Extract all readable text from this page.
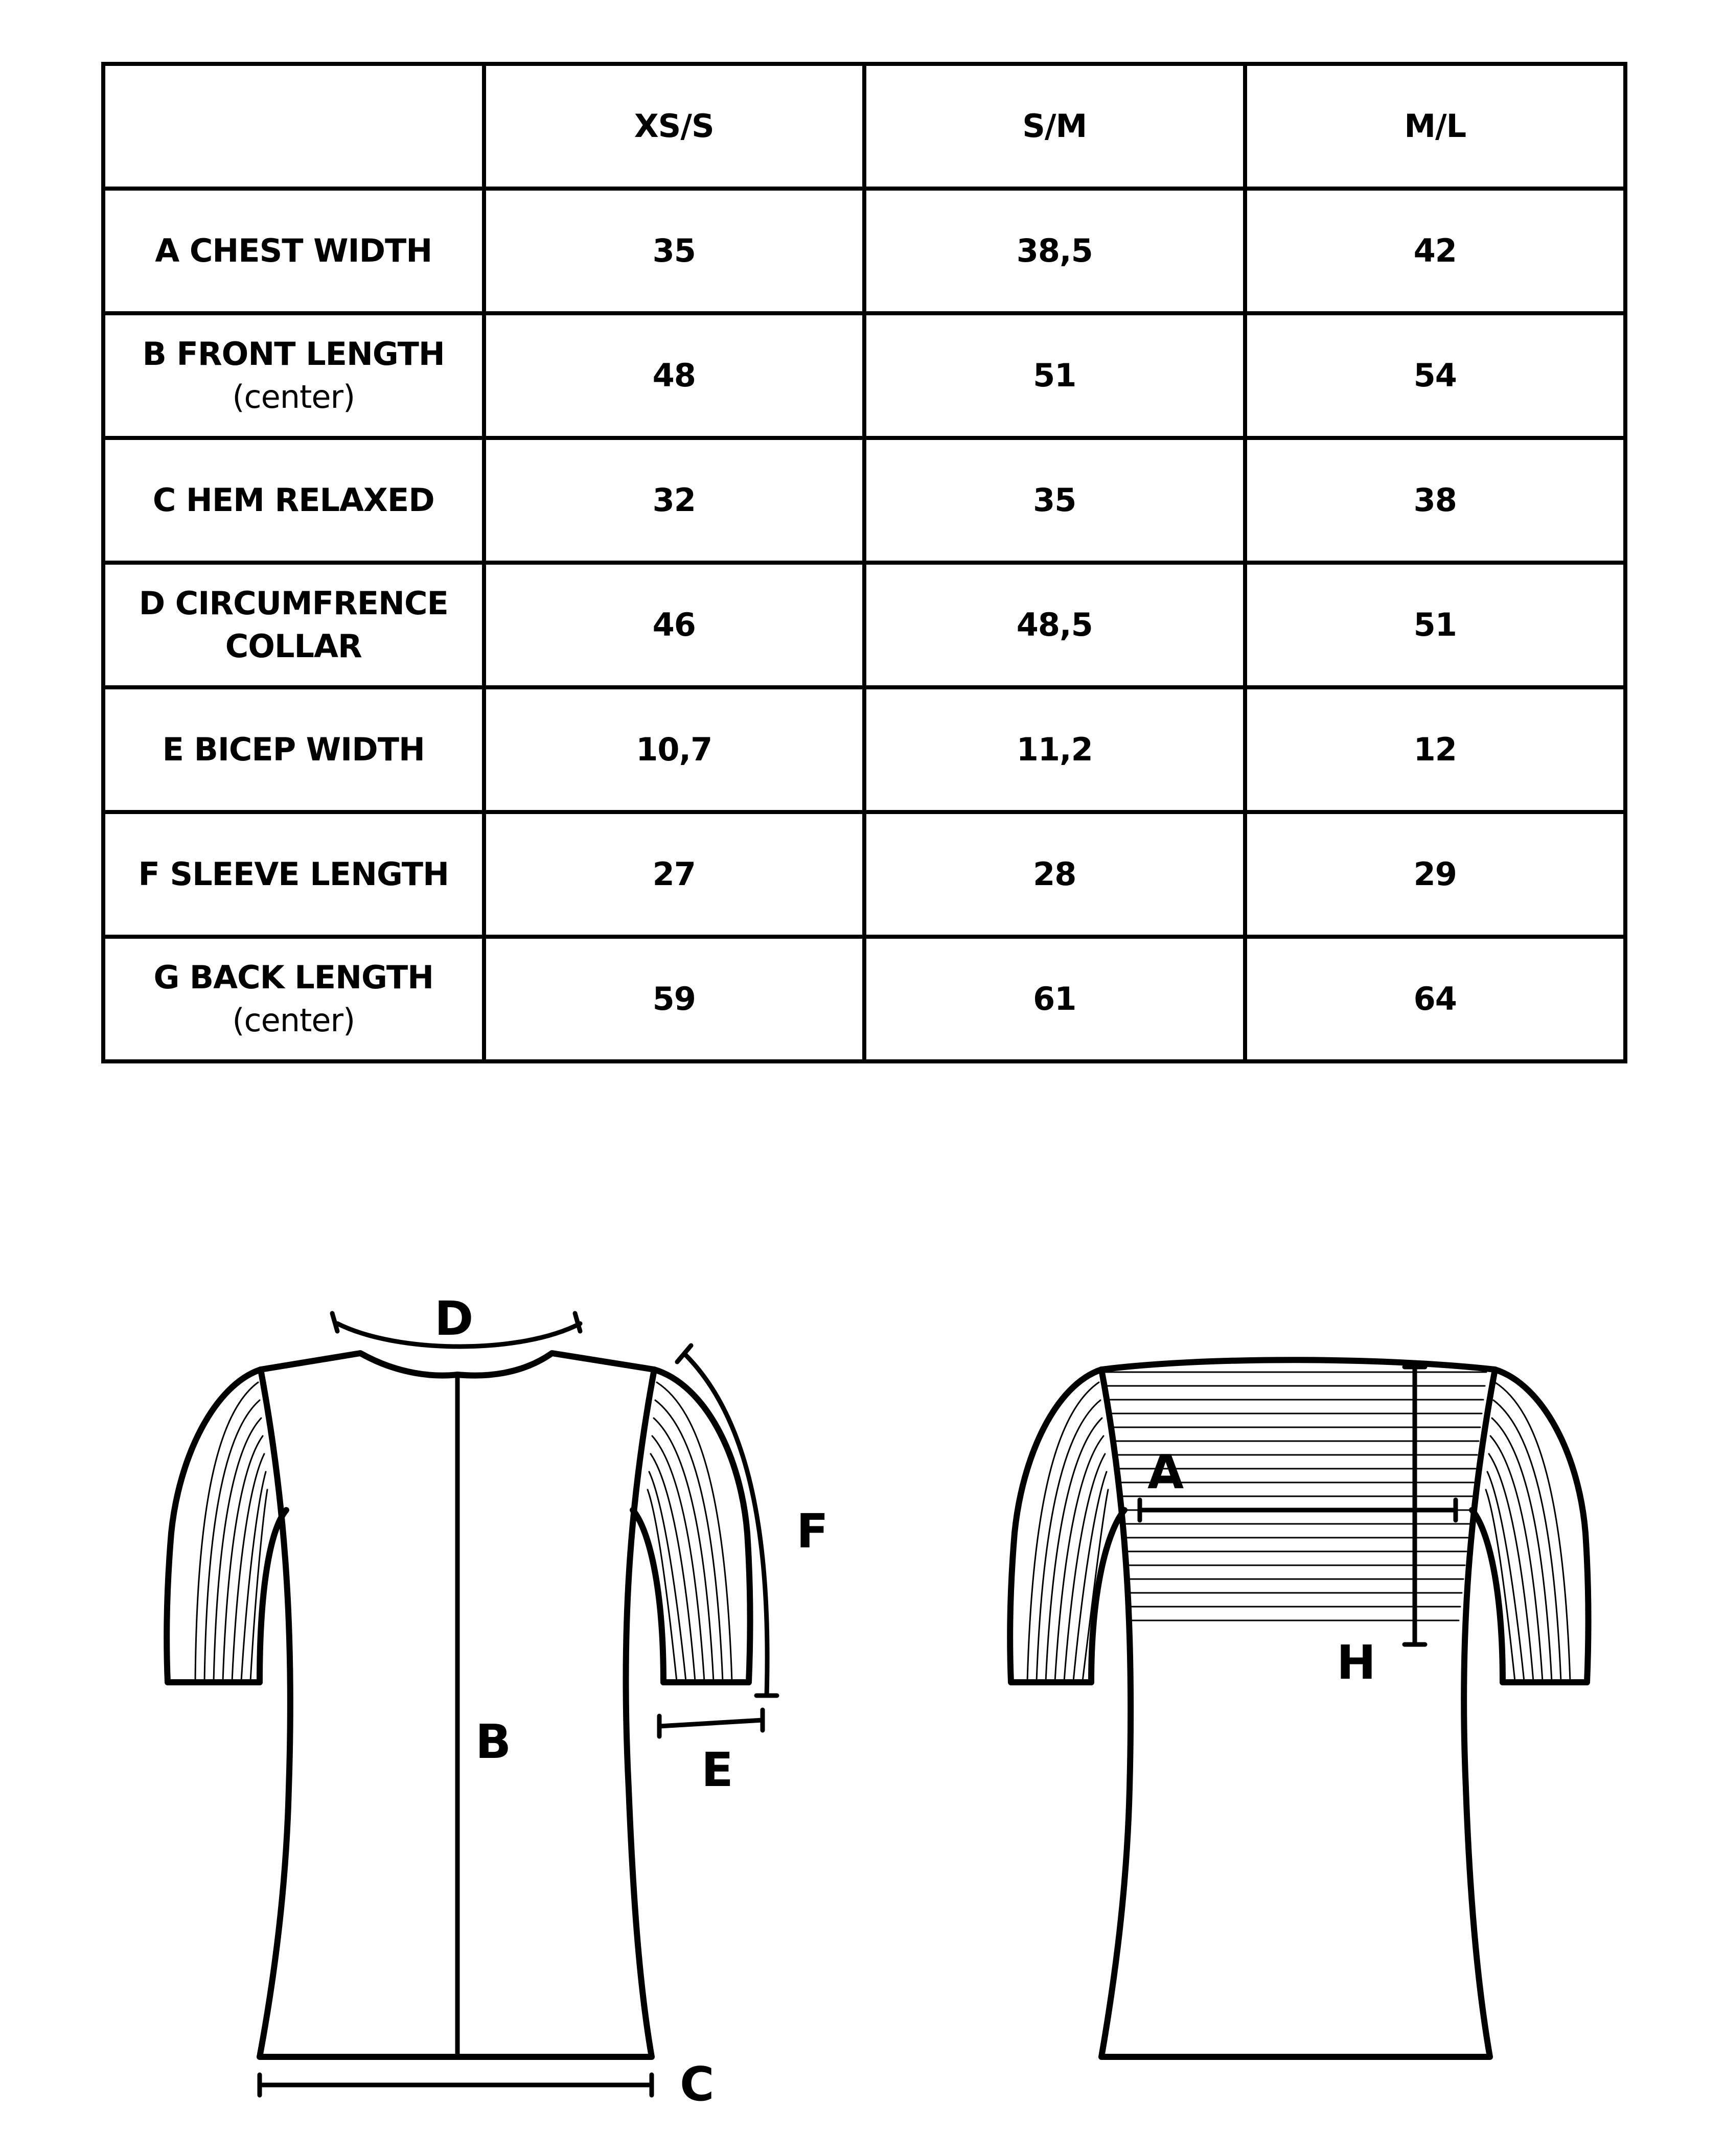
	XS/S	S/M	M/L

A CHEST WIDTH	35	38,5	42

B FRONT LENGTH
(center)	48	51	54

C HEM RELAXED	32	35	38

D CIRCUMFRENCE
COLLAR	46	48,5	51

E BICEP WIDTH	10,7	11,2	12

F SLEEVE LENGTH	27	28	29

G BACK LENGTH
(center)	59	61	64
D
B
C
E
F
A
H
